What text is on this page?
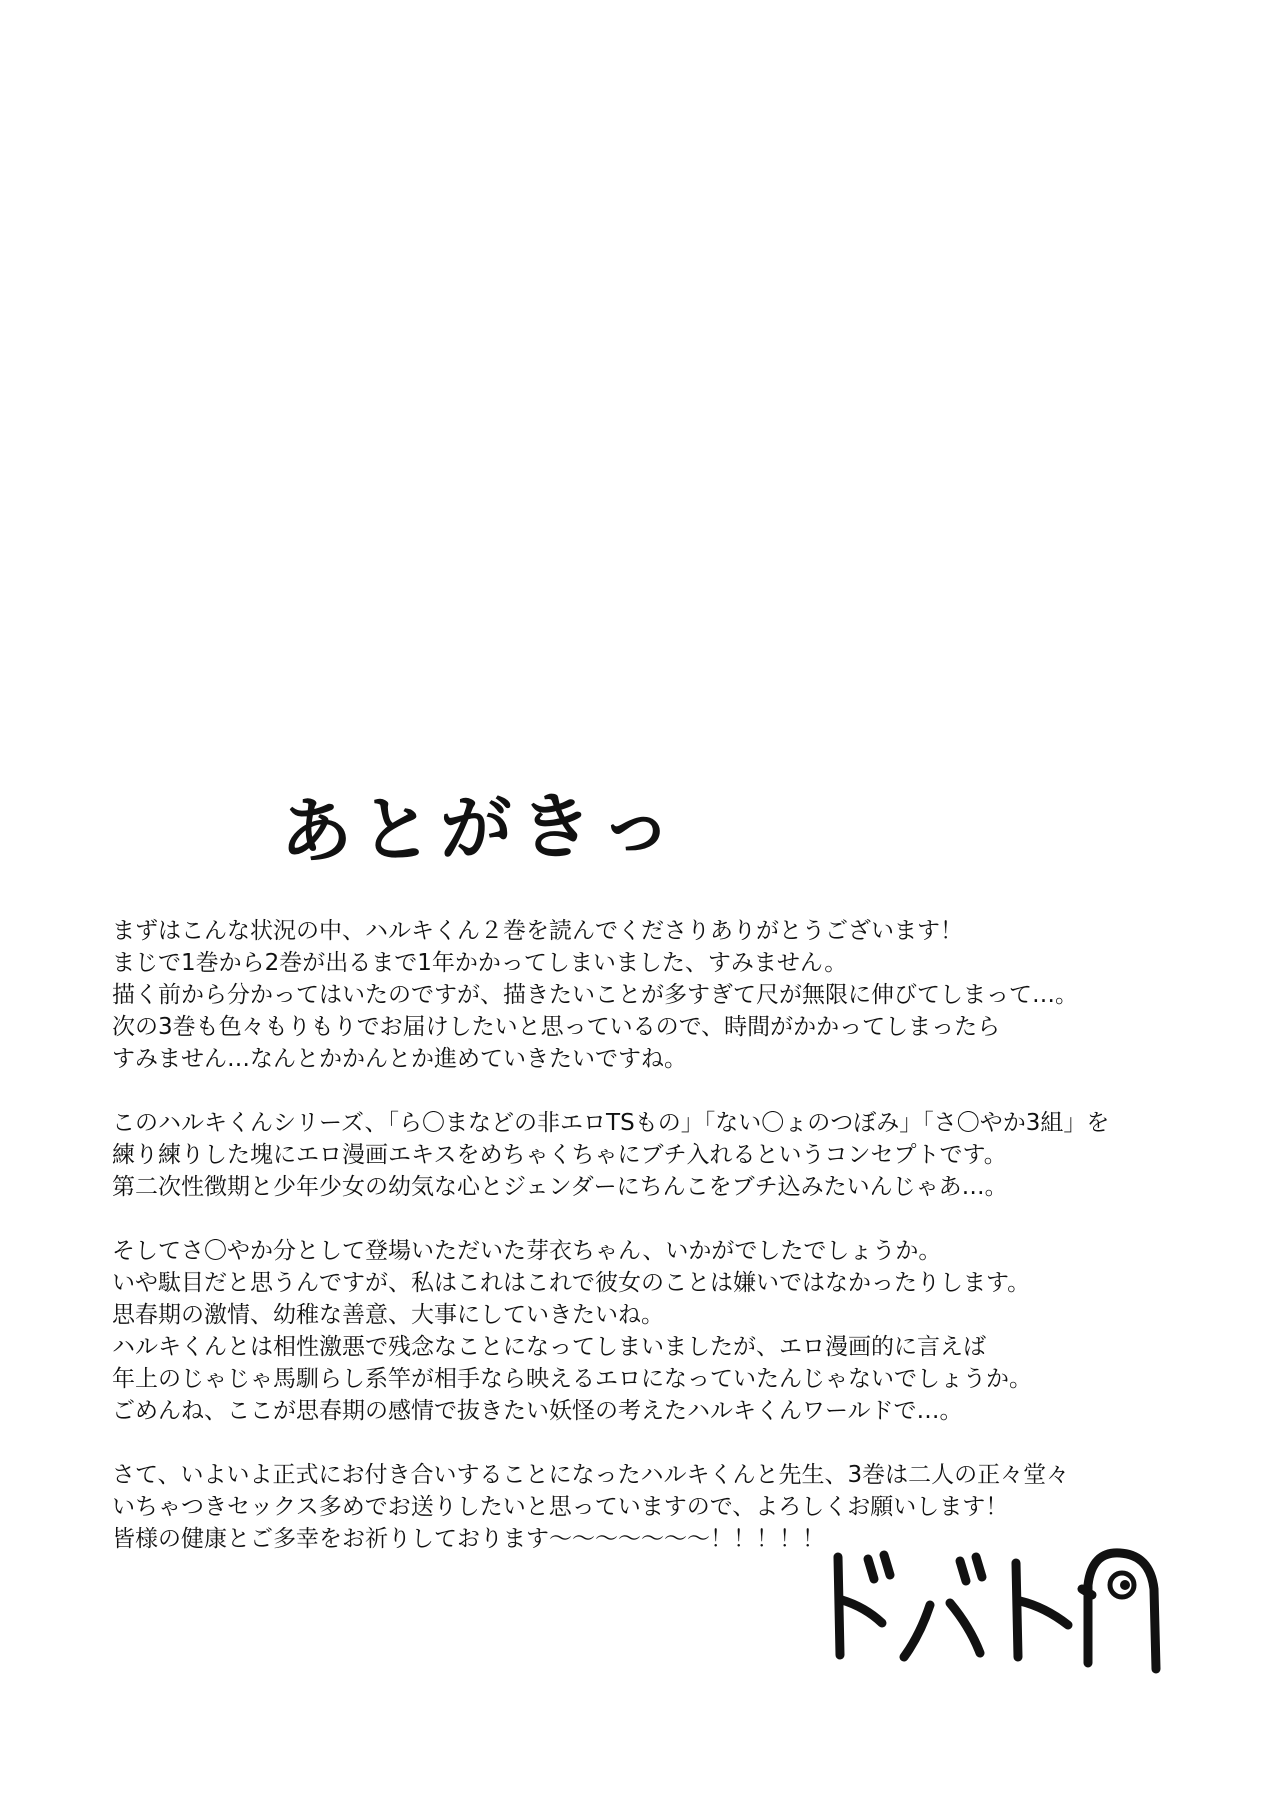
あとがきっ
まずはこんな状況の中、ハルキくん２巻を読んでくださりありがとうございます！
まじで1巻から2巻が出るまで1年かかってしまいました、すみません。
描く前から分かってはいたのですが、描きたいことが多すぎて尺が無限に伸びてしまって…。
次の3巻も色々もりもりでお届けしたいと思っているので、時間がかかってしまったら
すみません…なんとかかんとか進めていきたいですね。
このハルキくんシリーズ、「ら〇まなどの非エロTSもの」「ない〇ょのつぼみ」「さ〇やか3組」を
練り練りした塊にエロ漫画エキスをめちゃくちゃにブチ入れるというコンセプトです。
第二次性徴期と少年少女の幼気な心とジェンダーにちんこをブチ込みたいんじゃあ…。
そしてさ〇やか分として登場いただいた芽衣ちゃん、いかがでしたでしょうか。
いや駄目だと思うんですが、私はこれはこれで彼女のことは嫌いではなかったりします。
思春期の激情、幼稚な善意、大事にしていきたいね。
ハルキくんとは相性激悪で残念なことになってしまいましたが、エロ漫画的に言えば
年上のじゃじゃ馬馴らし系竿が相手なら映えるエロになっていたんじゃないでしょうか。
ごめんね、ここが思春期の感情で抜きたい妖怪の考えたハルキくんワールドで…。
さて、いよいよ正式にお付き合いすることになったハルキくんと先生、3巻は二人の正々堂々
いちゃつきセックス多めでお送りしたいと思っていますので、よろしくお願いします！
皆様の健康とご多幸をお祈りしております〜〜〜〜〜〜〜！！！！！
